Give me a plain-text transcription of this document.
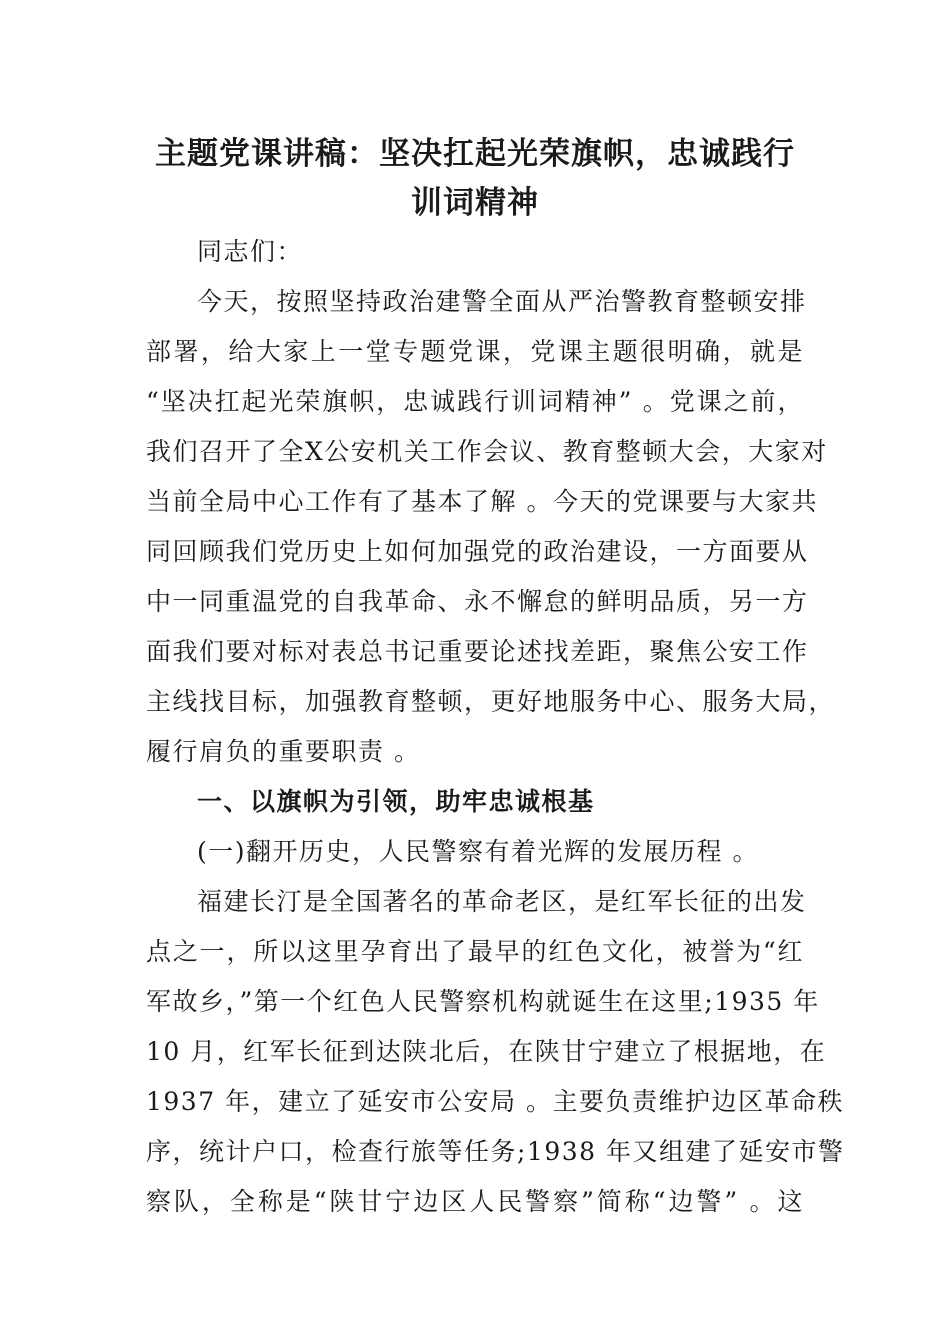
主题党课讲稿：坚决扛起光荣旗帜，忠诚践行
训词精神
同志们：
今天，按照坚持政治建警全面从严治警教育整顿安排
部署，给大家上一堂专题党课，党课主题很明确，就是
“坚决扛起光荣旗帜，忠诚践行训词精神” 。党课之前，
我们召开了全X公安机关工作会议、教育整顿大会，大家对
当前全局中心工作有了基本了解 。今天的党课要与大家共
同回顾我们党历史上如何加强党的政治建设，一方面要从
中一同重温党的自我革命、永不懈怠的鲜明品质，另一方
面我们要对标对表总书记重要论述找差距，聚焦公安工作
主线找目标，加强教育整顿，更好地服务中心、服务大局，
履行肩负的重要职责 。
一、以旗帜为引领，助牢忠诚根基
(一)翻开历史，人民警察有着光辉的发展历程 。
福建长汀是全国著名的革命老区，是红军长征的出发
点之一，所以这里孕育出了最早的红色文化，被誉为“红
军故乡，”第一个红色人民警察机构就诞生在这里;1935 年
10 月，红军长征到达陕北后，在陕甘宁建立了根据地，在
1937 年，建立了延安市公安局 。主要负责维护边区革命秩
序，统计户口，检查行旅等任务;1938 年又组建了延安市警
察队，全称是“陕甘宁边区人民警察”简称“边警” 。这
